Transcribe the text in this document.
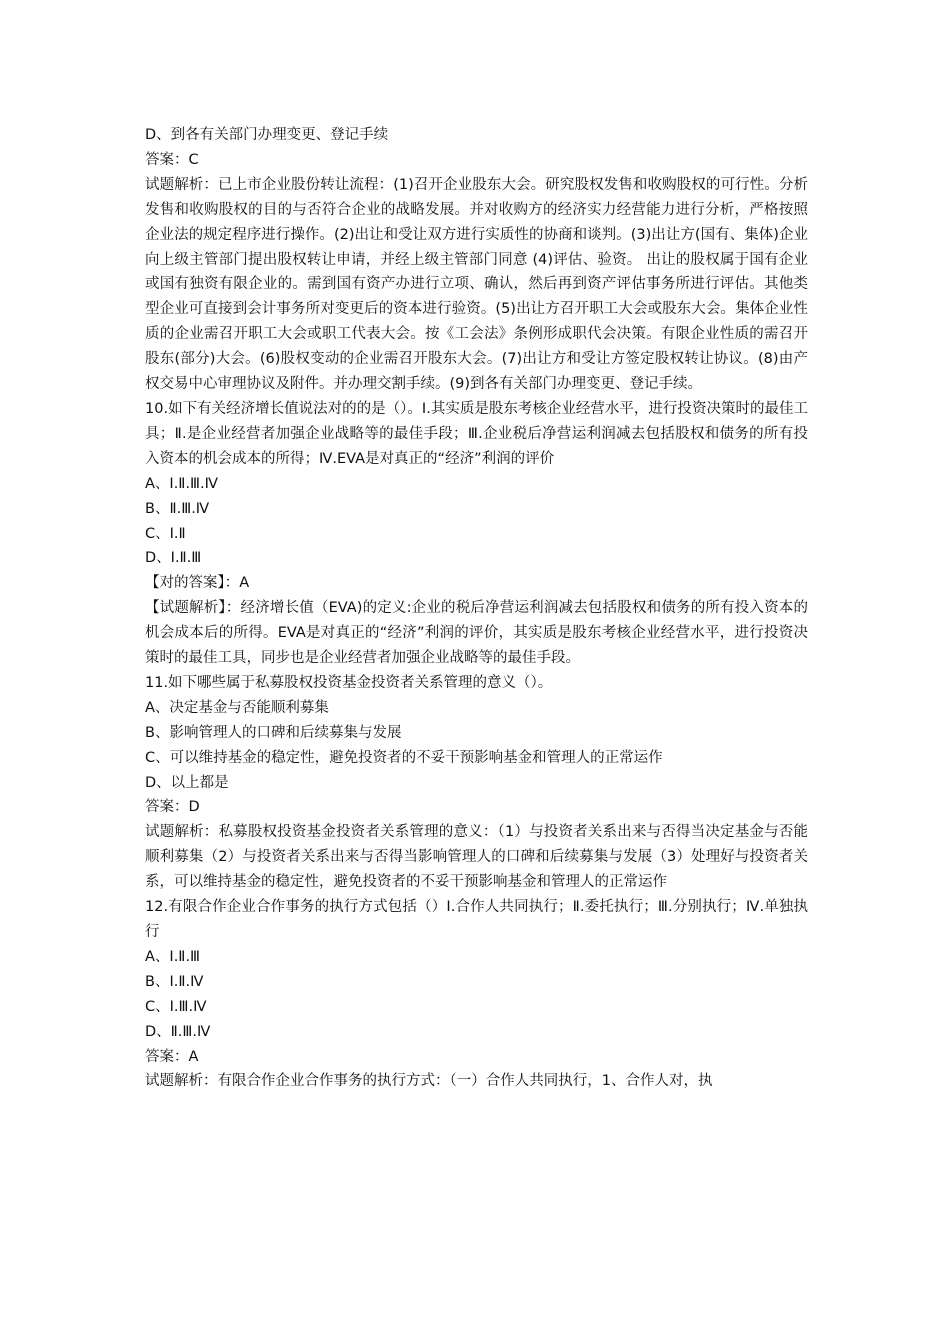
D、到各有关部门办理变更、登记手续
答案：C
试题解析：已上市企业股份转让流程：(1)召开企业股东大会。研究股权发售和收购股权的可行性。分析发售和收购股权的目的与否符合企业的战略发展。并对收购方的经济实力经营能力进行分析，严格按照企业法的规定程序进行操作。(2)出让和受让双方进行实质性的协商和谈判。(3)出让方(国有、集体)企业向上级主管部门提出股权转让申请，并经上级主管部门同意 (4)评估、验资。 出让的股权属于国有企业或国有独资有限企业的。需到国有资产办进行立项、确认，然后再到资产评估事务所进行评估。其他类型企业可直接到会计事务所对变更后的资本进行验资。(5)出让方召开职工大会或股东大会。集体企业性质的企业需召开职工大会或职工代表大会。按《工会法》条例形成职代会决策。有限企业性质的需召开股东(部分)大会。(6)股权变动的企业需召开股东大会。(7)出让方和受让方签定股权转让协议。(8)由产权交易中心审理协议及附件。并办理交割手续。(9)到各有关部门办理变更、登记手续。
10.如下有关经济增长值说法对的的是（）。Ⅰ.其实质是股东考核企业经营水平，进行投资决策时的最佳工具；Ⅱ.是企业经营者加强企业战略等的最佳手段；Ⅲ.企业税后净营运利润减去包括股权和债务的所有投入资本的机会成本的所得；Ⅳ.EVA是对真正的“经济”利润的评价
A、Ⅰ.Ⅱ.Ⅲ.Ⅳ
B、Ⅱ.Ⅲ.Ⅳ
C、Ⅰ.Ⅱ
D、Ⅰ.Ⅱ.Ⅲ
【对的答案】：A
【试题解析】：经济增长值（EVA)的定义:企业的税后净营运利润减去包括股权和债务的所有投入资本的机会成本后的所得。EVA是对真正的“经济”利润的评价，其实质是股东考核企业经营水平，进行投资决策时的最佳工具，同步也是企业经营者加强企业战略等的最佳手段。
11.如下哪些属于私募股权投资基金投资者关系管理的意义（）。
A、决定基金与否能顺利募集
B、影响管理人的口碑和后续募集与发展
C、可以维持基金的稳定性，避免投资者的不妥干预影响基金和管理人的正常运作
D、以上都是
答案：D
试题解析：私募股权投资基金投资者关系管理的意义：（1）与投资者关系出来与否得当决定基金与否能顺利募集（2）与投资者关系出来与否得当影响管理人的口碑和后续募集与发展（3）处理好与投资者关系，可以维持基金的稳定性，避免投资者的不妥干预影响基金和管理人的正常运作
12.有限合作企业合作事务的执行方式包括（）Ⅰ.合作人共同执行；Ⅱ.委托执行；Ⅲ.分别执行；Ⅳ.单独执行
A、Ⅰ.Ⅱ.Ⅲ
B、Ⅰ.Ⅱ.Ⅳ
C、Ⅰ.Ⅲ.Ⅳ
D、Ⅱ.Ⅲ.Ⅳ
答案：A
试题解析：有限合作企业合作事务的执行方式：（一）合作人共同执行，1、合作人对，执
